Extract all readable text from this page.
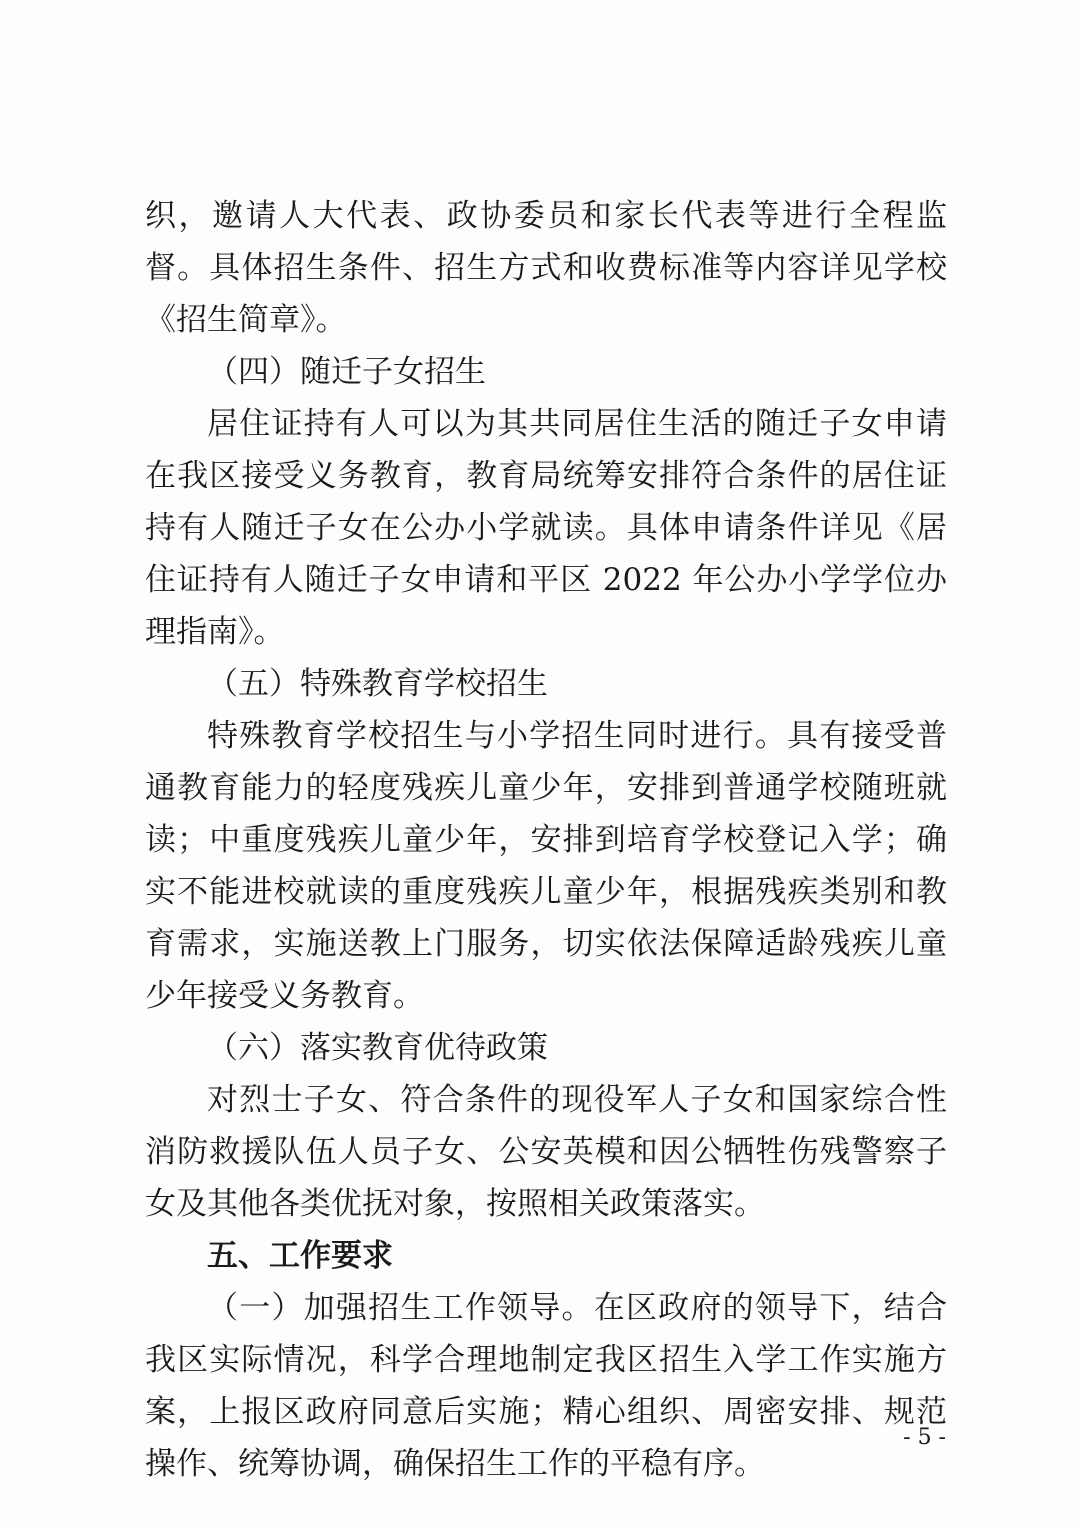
织，邀请人大代表、政协委员和家长代表等进行全程监督。具体招生条件、招生方式和收费标准等内容详见学校《招生简章》。

（四）随迁子女招生

居住证持有人可以为其共同居住生活的随迁子女申请在我区接受义务教育，教育局统筹安排符合条件的居住证持有人随迁子女在公办小学就读。具体申请条件详见《居住证持有人随迁子女申请和平区 2022 年公办小学学位办理指南》。

（五）特殊教育学校招生

特殊教育学校招生与小学招生同时进行。具有接受普通教育能力的轻度残疾儿童少年，安排到普通学校随班就读；中重度残疾儿童少年，安排到培育学校登记入学；确实不能进校就读的重度残疾儿童少年，根据残疾类别和教育需求，实施送教上门服务，切实依法保障适龄残疾儿童少年接受义务教育。

（六）落实教育优待政策

对烈士子女、符合条件的现役军人子女和国家综合性消防救援队伍人员子女、公安英模和因公牺牲伤残警察子女及其他各类优抚对象，按照相关政策落实。

五、工作要求

（一）加强招生工作领导。在区政府的领导下，结合我区实际情况，科学合理地制定我区招生入学工作实施方案，上报区政府同意后实施；精心组织、周密安排、规范操作、统筹协调，确保招生工作的平稳有序。

- 5 -
